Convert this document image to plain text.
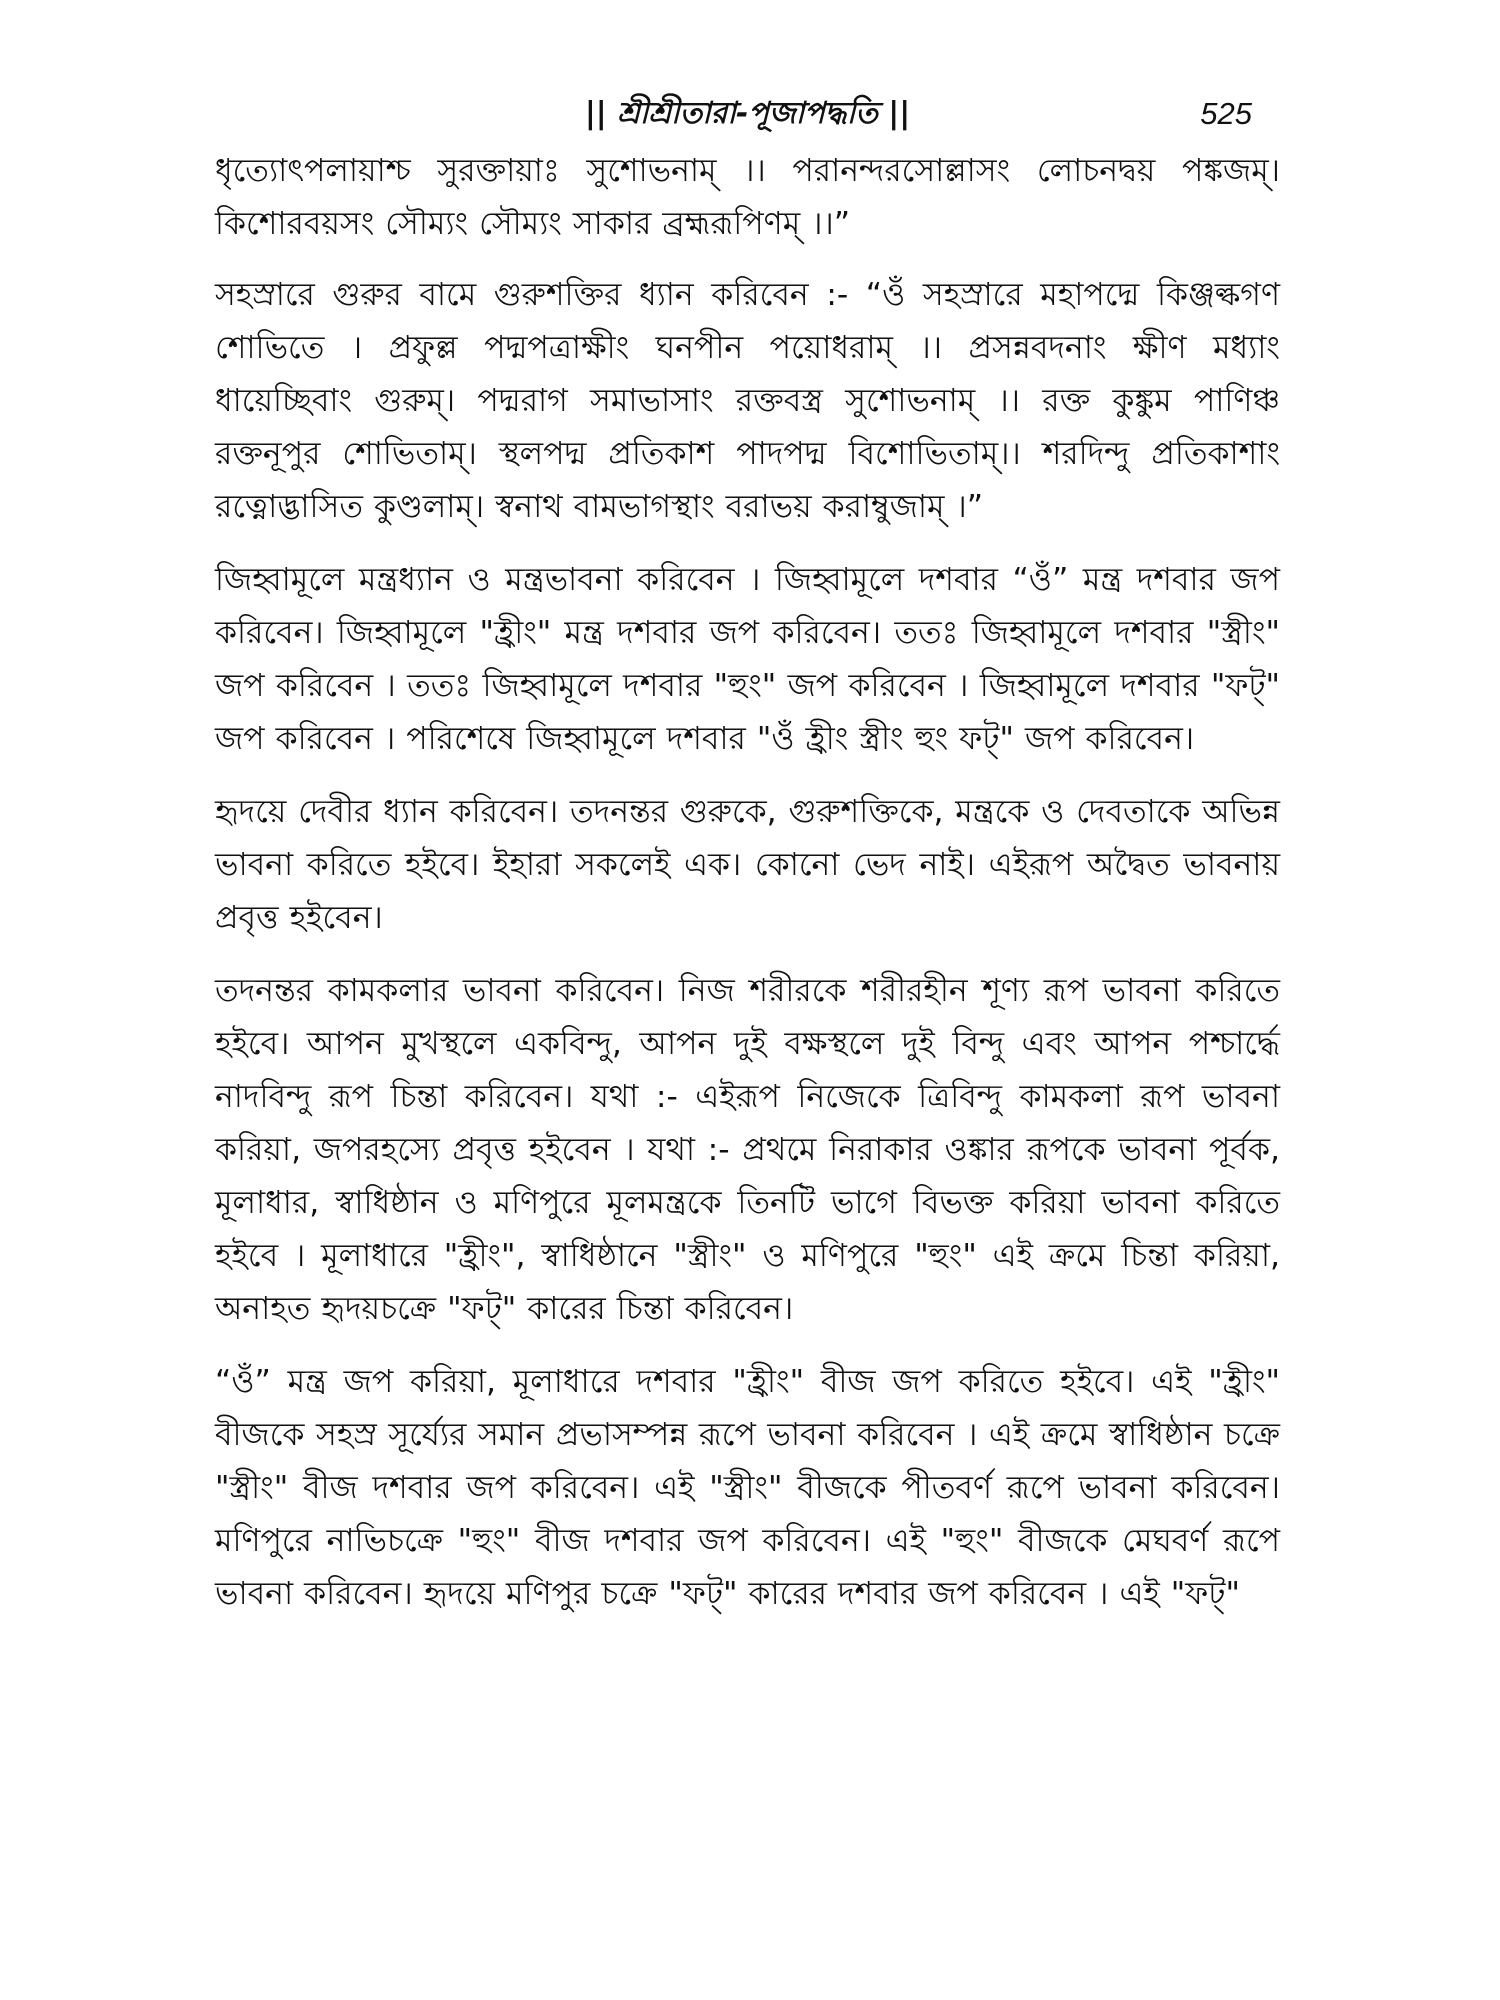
|| শ্রীশ্রীতারা-পূজাপদ্ধতি ||	525

ধৃত্যোৎপলায়াশ্চ সুরক্তায়াঃ সুশোভনাম্ ।। পরানন্দরসোল্লাসং লোচনদ্বয় পঙ্কজম্। কিশোরবয়সং সৌম্যং সৌম্যং সাকার ব্রহ্মরূপিণম্ ।।”

সহস্রারে গুরুর বামে গুরুশক্তির ধ্যান করিবেন :- “ওঁ সহস্রারে মহাপদ্মে কিঞ্জল্কগণ শোভিতে । প্রফুল্ল পদ্মপত্রাক্ষীং ঘনপীন পয়োধরাম্ ।। প্রসন্নবদনাং ক্ষীণ মধ্যাং ধায়েচ্ছিবাং গুরুম্। পদ্মরাগ সমাভাসাং রক্তবস্ত্র সুশোভনাম্ ।। রক্ত কুঙ্কুম পাণিঞ্চ রক্তনূপুর শোভিতাম্। স্থলপদ্ম প্রতিকাশ পাদপদ্ম বিশোভিতাম্।। শরদিন্দু প্রতিকাশাং রত্নোদ্ভাসিত কুণ্ডলাম্। স্বনাথ বামভাগস্থাং বরাভয় করাম্বুজাম্ ।”

জিহ্বামূলে মন্ত্রধ্যান ও মন্ত্রভাবনা করিবেন । জিহ্বামূলে দশবার “ওঁ” মন্ত্র দশবার জপ করিবেন। জিহ্বামূলে "হ্রীং" মন্ত্র দশবার জপ করিবেন। ততঃ জিহ্বামূলে দশবার "স্ত্রীং" জপ করিবেন । ততঃ জিহ্বামূলে দশবার "হুং" জপ করিবেন । জিহ্বামূলে দশবার "ফট্" জপ করিবেন । পরিশেষে জিহ্বামূলে দশবার "ওঁ হ্রীং স্ত্রীং হুং ফট্" জপ করিবেন।

হৃদয়ে দেবীর ধ্যান করিবেন। তদনন্তর গুরুকে, গুরুশক্তিকে, মন্ত্রকে ও দেবতাকে অভিন্ন ভাবনা করিতে হইবে। ইহারা সকলেই এক। কোনো ভেদ নাই। এইরূপ অদ্বৈত ভাবনায় প্রবৃত্ত হইবেন।

তদনন্তর কামকলার ভাবনা করিবেন। নিজ শরীরকে শরীরহীন শূণ্য রূপ ভাবনা করিতে হইবে। আপন মুখস্থলে একবিন্দু, আপন দুই বক্ষস্থলে দুই বিন্দু এবং আপন পশ্চার্দ্ধে নাদবিন্দু রূপ চিন্তা করিবেন। যথা :- এইরূপ নিজেকে ত্রিবিন্দু কামকলা রূপ ভাবনা করিয়া, জপরহস্যে প্রবৃত্ত হইবেন । যথা :- প্রথমে নিরাকার ওঙ্কার রূপকে ভাবনা পূর্বক, মূলাধার, স্বাধিষ্ঠান ও মণিপুরে মূলমন্ত্রকে তিনটি ভাগে বিভক্ত করিয়া ভাবনা করিতে হইবে । মূলাধারে "হ্রীং", স্বাধিষ্ঠানে "স্ত্রীং" ও মণিপুরে "হুং" এই ক্রমে চিন্তা করিয়া, অনাহত হৃদয়চক্রে "ফট্" কারের চিন্তা করিবেন।

“ওঁ” মন্ত্র জপ করিয়া, মূলাধারে দশবার "হ্রীং" বীজ জপ করিতে হইবে। এই "হ্রীং" বীজকে সহস্র সূর্য্যের সমান প্রভাসম্পন্ন রূপে ভাবনা করিবেন । এই ক্রমে স্বাধিষ্ঠান চক্রে "স্ত্রীং" বীজ দশবার জপ করিবেন। এই "স্ত্রীং" বীজকে পীতবর্ণ রূপে ভাবনা করিবেন। মণিপুরে নাভিচক্রে "হুং" বীজ দশবার জপ করিবেন। এই "হুং" বীজকে মেঘবর্ণ রূপে ভাবনা করিবেন। হৃদয়ে মণিপুর চক্রে "ফট্" কারের দশবার জপ করিবেন । এই "ফট্"
